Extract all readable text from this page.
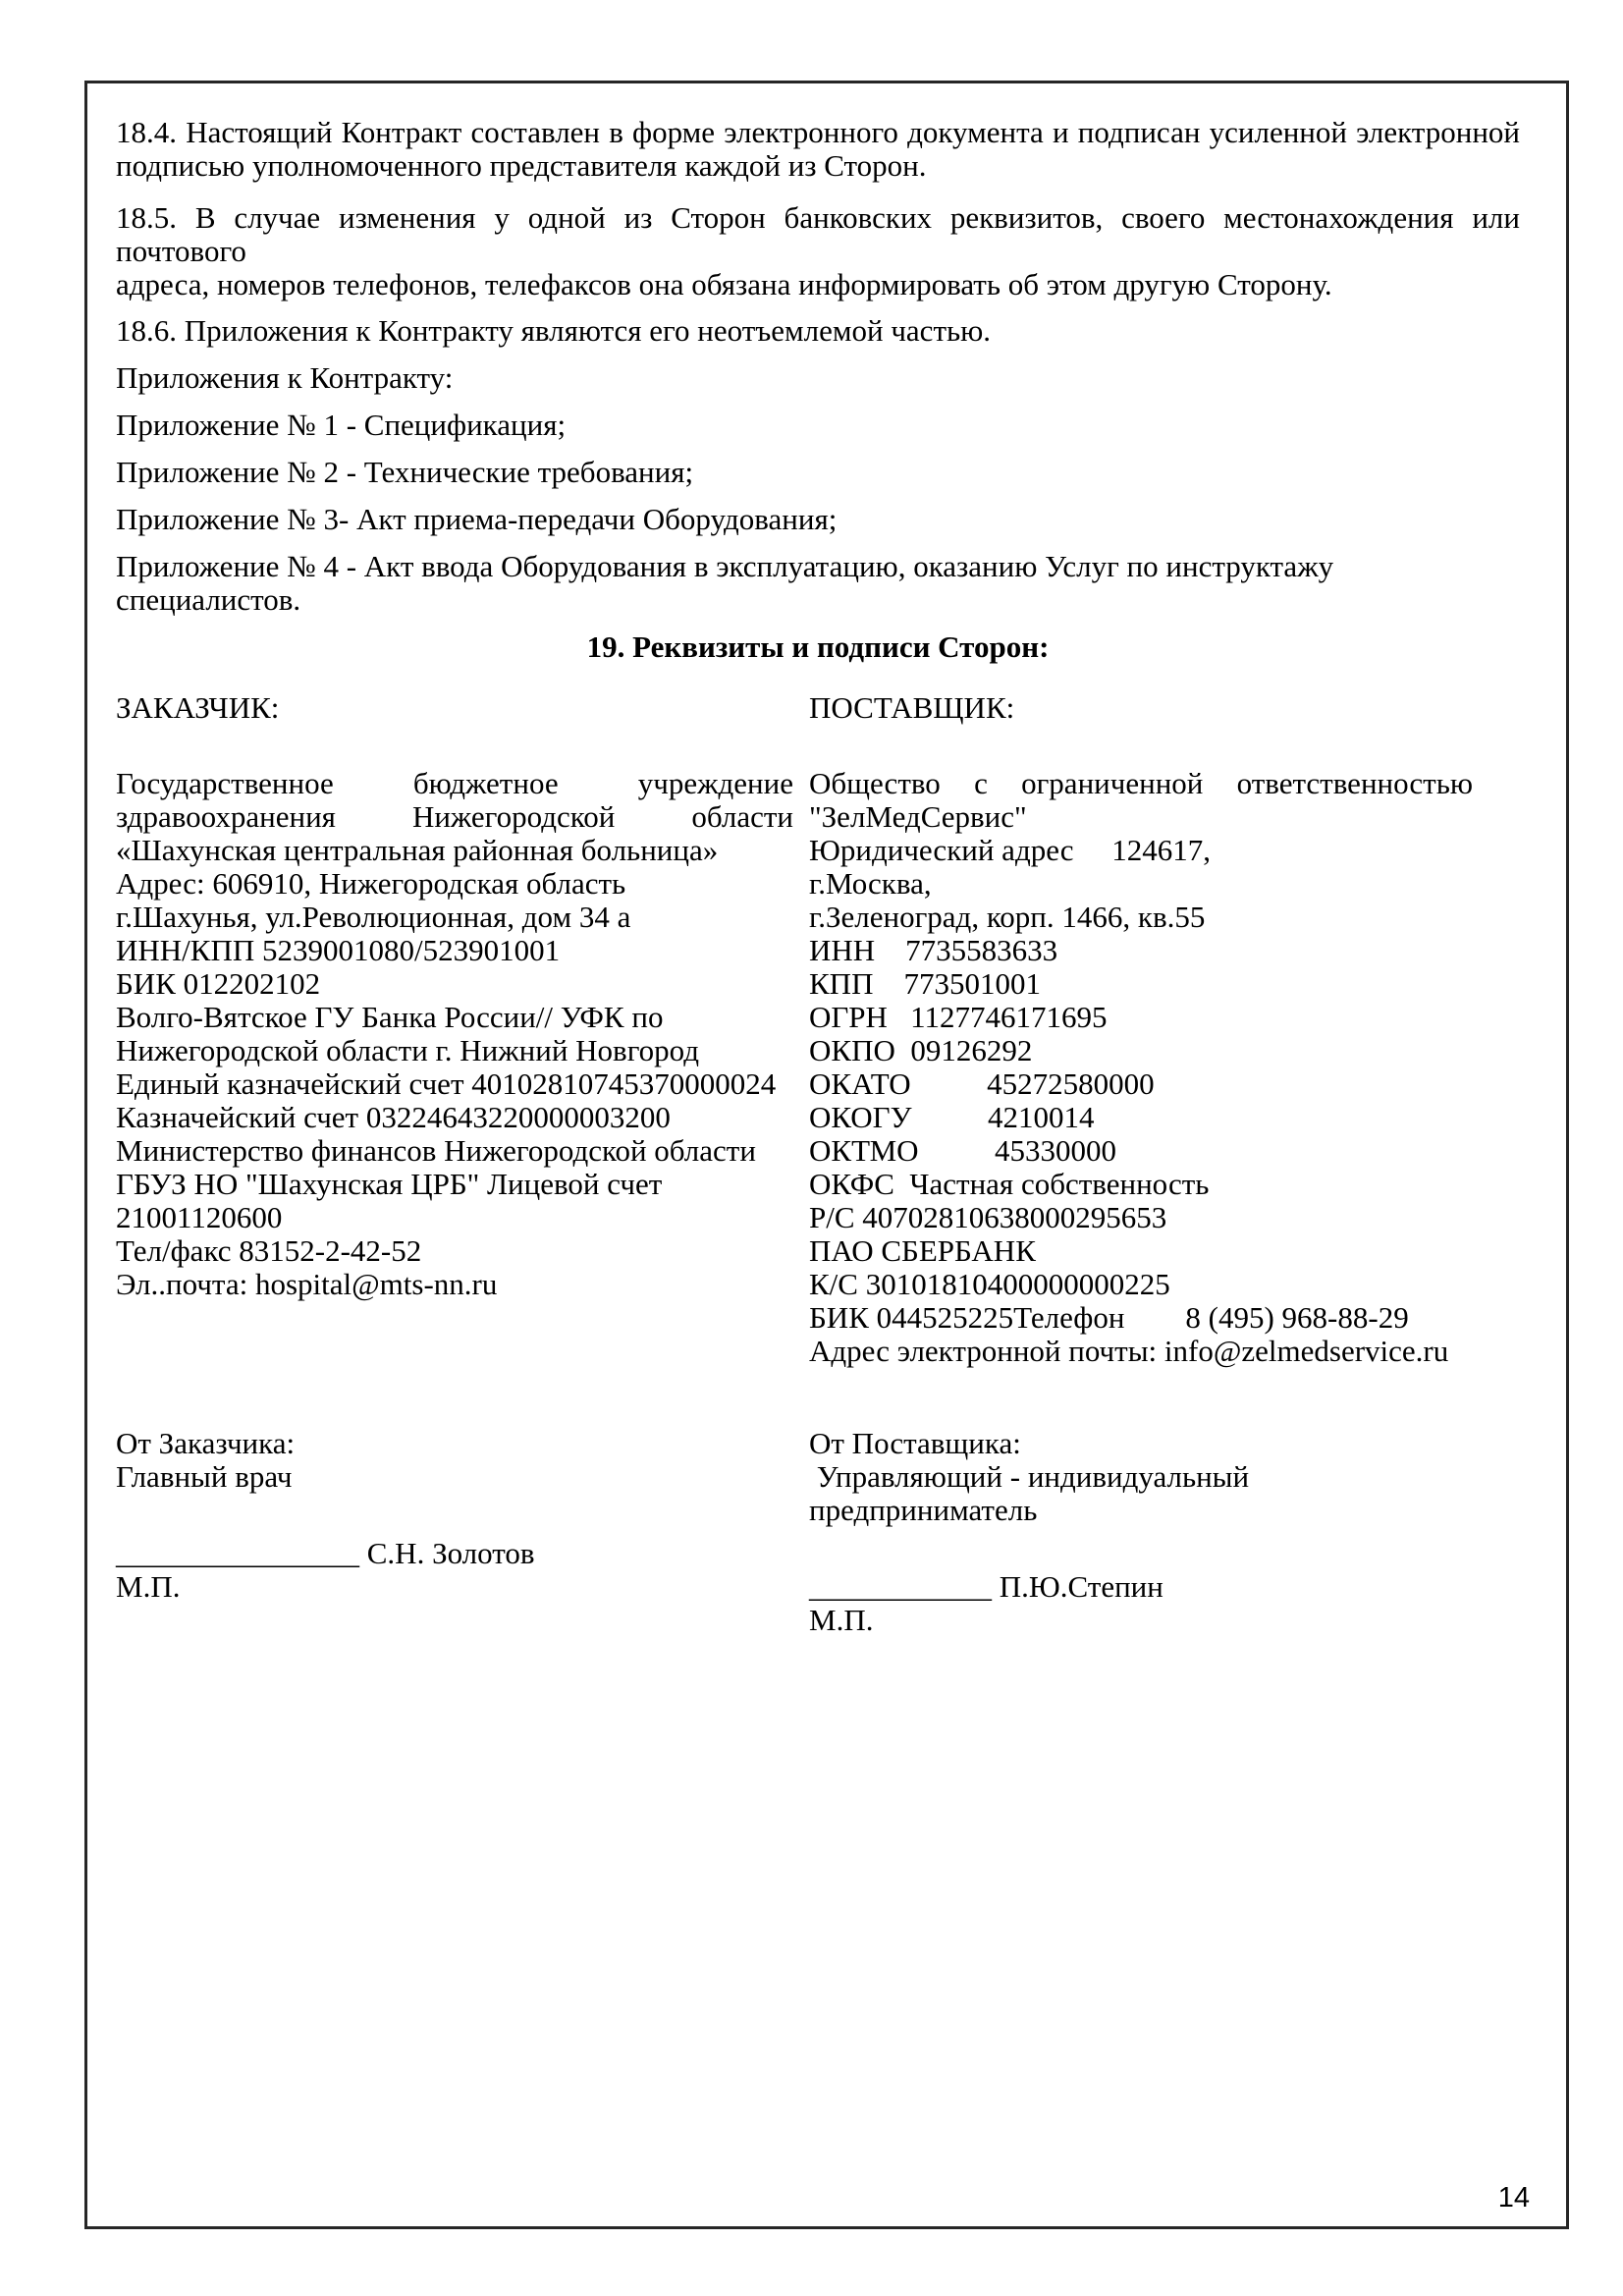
18.4. Настоящий Контракт составлен в форме электронного документа и подписан усиленной электронной
подписью уполномоченного представителя каждой из Сторон.
18.5. В случае изменения у одной из Сторон банковских реквизитов, своего местонахождения или почтового
адреса, номеров телефонов, телефаксов она обязана информировать об этом другую Сторону.
18.6. Приложения к Контракту являются его неотъемлемой частью.
Приложения к Контракту:
Приложение № 1 - Спецификация;
Приложение № 2 - Технические требования;
Приложение № 3- Акт приема-передачи Оборудования;
Приложение № 4 - Акт ввода Оборудования в эксплуатацию, оказанию Услуг по инструктажу специалистов.
19. Реквизиты и подписи Сторон:
ЗАКАЗЧИК:
Государственное бюджетное учреждение
здравоохранения Нижегородской области
«Шахунская центральная районная больница»
Адрес: 606910, Нижегородская область
г.Шахунья, ул.Революционная, дом 34 а
ИНН/КПП 5239001080/523901001
БИК 012202102
Волго-Вятское ГУ Банка России// УФК по
Нижегородской области г. Нижний Новгород
Единый казначейский счет 40102810745370000024
Казначейский счет 03224643220000003200
Министерство финансов Нижегородской области
ГБУЗ НО "Шахунская ЦРБ" Лицевой счет
21001120600
Тел/факс 83152-2-42-52
Эл..почта: hospital@mts-nn.ru
ПОСТАВЩИК:
Общество с ограниченной ответственностью
"ЗелМедСервис"
Юридический адрес     124617,                    г.Москва,
г.Зеленоград, корп. 1466, кв.55
ИНН    7735583633
КПП    773501001
ОГРН   1127746171695
ОКПО  09126292
ОКАТО          45272580000
ОКОГУ          4210014
ОКТМО          45330000
ОКФС  Частная собственность
Р/С 40702810638000295653
ПАО СБЕРБАНК
К/С 30101810400000000225
БИК 044525225Телефон        8 (495) 968-88-29
Адрес электронной почты: info@zelmedservice.ru
От Заказчика:
Главный врач
________________ С.Н. Золотов
М.П.
От Поставщика:
Управляющий - индивидуальный предприниматель
____________ П.Ю.Степин
М.П.
14
